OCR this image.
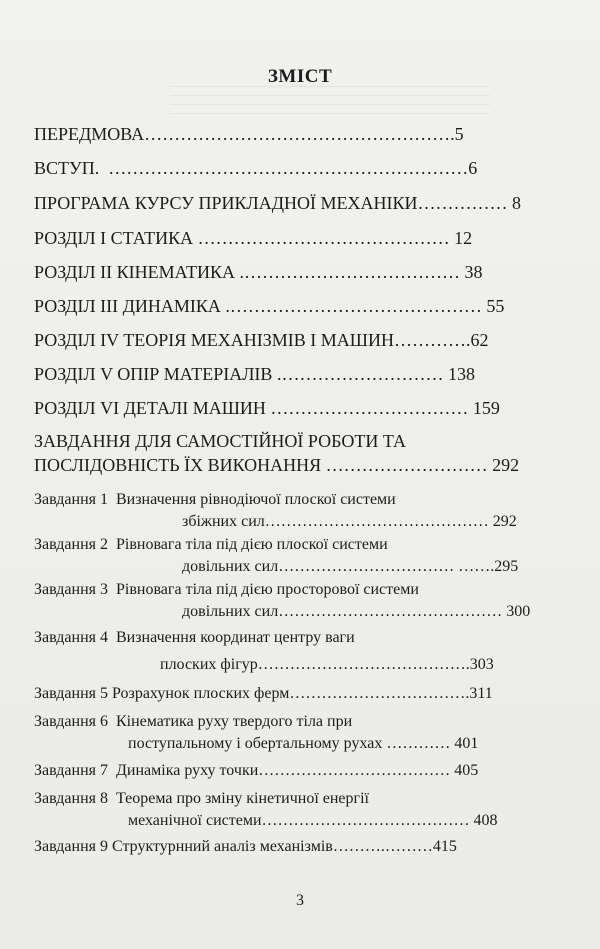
ЗМІСТ
ПЕРЕДМОВА…………………………………………….5
ВСТУП. ……………………………………………………6
ПРОГРАМА КУРСУ ПРИКЛАДНОЇ МЕХАНІКИ…………… 8
РОЗДІЛ І СТАТИКА …………………………………… 12
РОЗДІЛ ІІ КІНЕМАТИКА .……………………………… 38
РОЗДІЛ ІІІ ДИНАМІКА .…………………………………… 55
РОЗДІЛ IV ТЕОРІЯ МЕХАНІЗМІВ І МАШИН………….62
РОЗДІЛ V ОПІР МАТЕРІАЛІВ .……………………… 138
РОЗДІЛ VI ДЕТАЛІ МАШИН …………………………… 159
ЗАВДАННЯ ДЛЯ САМОСТІЙНОЇ РОБОТИ ТА
ПОСЛІДОВНІСТЬ ЇХ ВИКОНАННЯ ……………………… 292
Завдання 1 Визначення рівнодіючої плоскої системи
збіжних сил…………………………………… 292
Завдання 2 Рівновага тіла під дією плоскої системи
довільних сил…………………………… …….295
Завдання 3 Рівновага тіла під дією просторової системи
довільних сил…………………………………… 300
Завдання 4 Визначення координат центру ваги
плоских фігур………………………………….303
Завдання 5 Розрахунок плоских ферм…………………………….311
Завдання 6 Кінематика руху твердого тіла при
поступальному і обертальному рухах ………… 401
Завдання 7 Динаміка руху точки……………………………… 405
Завдання 8 Теорема про зміну кінетичної енергії
механічної системи………………………………… 408
Завдання 9 Структурнний аналіз механізмів……….………415
3
